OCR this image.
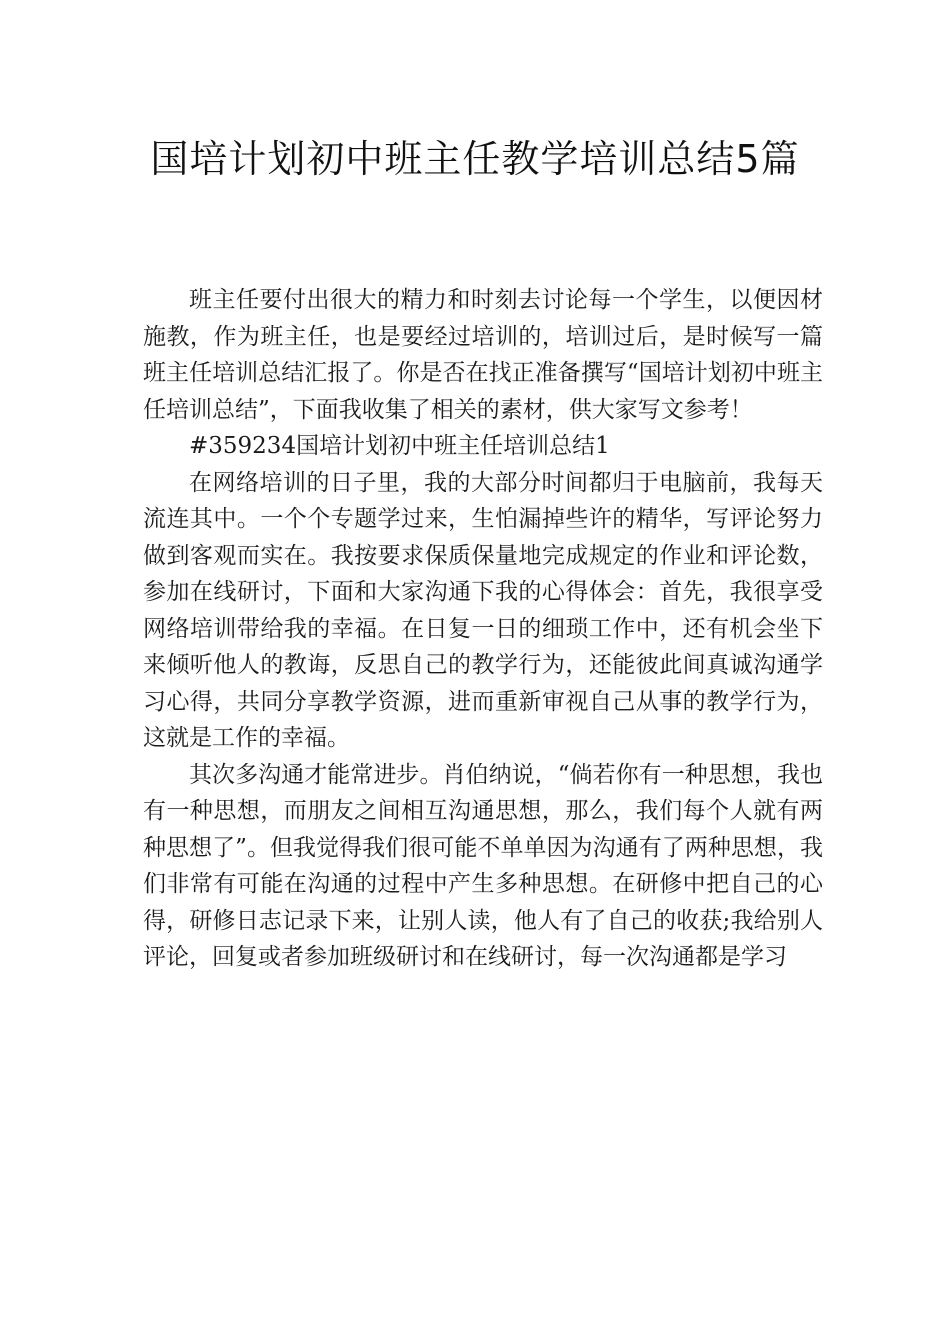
国培计划初中班主任教学培训总结5篇

班主任要付出很大的精力和时刻去讨论每一个学生，以便因材施教，作为班主任，也是要经过培训的，培训过后，是时候写一篇班主任培训总结汇报了。你是否在找正准备撰写“国培计划初中班主任培训总结”，下面我收集了相关的素材，供大家写文参考！

#359234国培计划初中班主任培训总结1

在网络培训的日子里，我的大部分时间都归于电脑前，我每天流连其中。一个个专题学过来，生怕漏掉些许的精华，写评论努力做到客观而实在。我按要求保质保量地完成规定的作业和评论数，参加在线研讨，下面和大家沟通下我的心得体会：首先，我很享受网络培训带给我的幸福。在日复一日的细琐工作中，还有机会坐下来倾听他人的教诲，反思自己的教学行为，还能彼此间真诚沟通学习心得，共同分享教学资源，进而重新审视自己从事的教学行为，这就是工作的幸福。

其次多沟通才能常进步。肖伯纳说，“倘若你有一种思想，我也有一种思想，而朋友之间相互沟通思想，那么，我们每个人就有两种思想了”。但我觉得我们很可能不单单因为沟通有了两种思想，我们非常有可能在沟通的过程中产生多种思想。在研修中把自己的心得，研修日志记录下来，让别人读，他人有了自己的收获;我给别人评论，回复或者参加班级研讨和在线研讨，每一次沟通都是学习
